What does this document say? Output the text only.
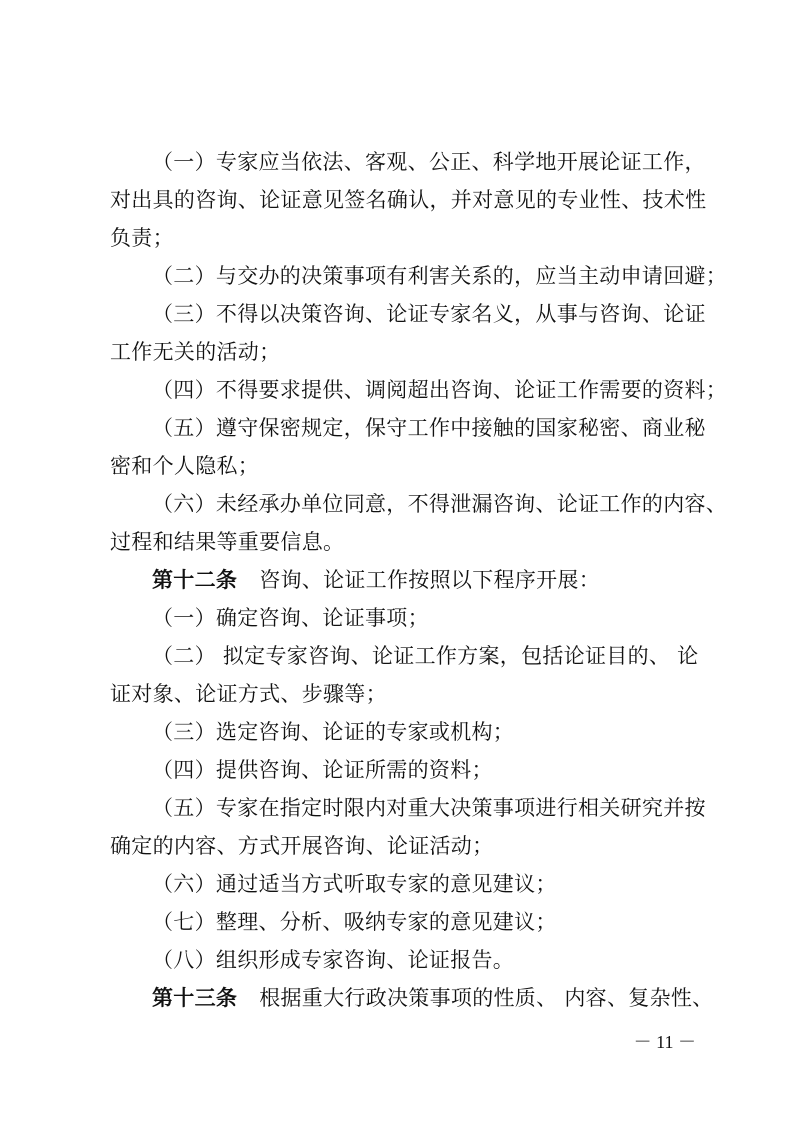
（一）专家应当依法、客观、公正、科学地开展论证工作，
对出具的咨询、论证意见签名确认，并对意见的专业性、技术性
负责；
（二）与交办的决策事项有利害关系的，应当主动申请回避；
（三）不得以决策咨询、论证专家名义，从事与咨询、论证
工作无关的活动；
（四）不得要求提供、调阅超出咨询、论证工作需要的资料；
（五）遵守保密规定，保守工作中接触的国家秘密、商业秘
密和个人隐私；
（六）未经承办单位同意，不得泄漏咨询、论证工作的内容、
过程和结果等重要信息。
第十二条 咨询、论证工作按照以下程序开展：
（一）确定咨询、论证事项；
（二） 拟定专家咨询、论证工作方案，包括论证目的、 论
证对象、论证方式、步骤等；
（三）选定咨询、论证的专家或机构；
（四）提供咨询、论证所需的资料；
（五）专家在指定时限内对重大决策事项进行相关研究并按
确定的内容、方式开展咨询、论证活动；
（六）通过适当方式听取专家的意见建议；
（七）整理、分析、吸纳专家的意见建议；
（八）组织形成专家咨询、论证报告。
第十三条 根据重大行政决策事项的性质、 内容、复杂性、
－ 11 －
